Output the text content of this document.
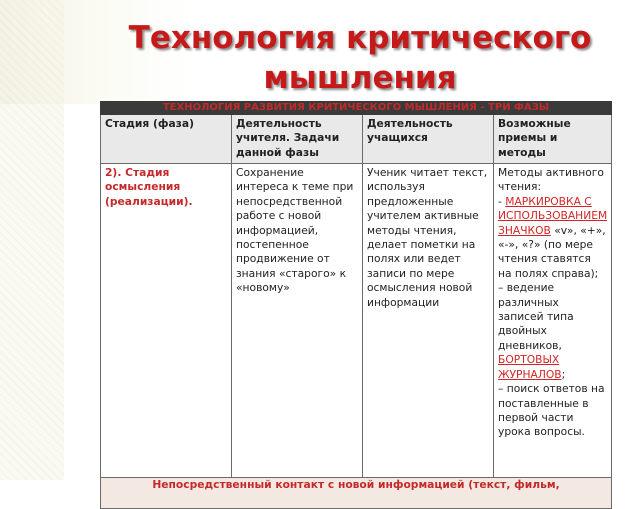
Технология критического мышления
ТЕХНОЛОГИЯ РАЗВИТИЯ КРИТИЧЕСКОГО МЫШЛЕНИЯ - ТРИ ФАЗЫ			
Стадия (фаза)	Деятельность учителя. Задачи данной фазы	Деятельность учащихся	Возможные приемы и методы
2). Стадия осмысления (реализации).	Сохранение интереса к теме при непосредственной работе с новой информацией, постепенное продвижение от знания «старого» к «новому»	Ученик читает текст, используя предложенные учителем активные методы чтения, делает пометки на полях или ведет записи по мере осмысления новой информации	Методы активного чтения:
- МАРКИРОВКА С ИСПОЛЬЗОВАНИЕМ ЗНАЧКОВ «v», «+», «-», «?» (по мере чтения ставятся на полях справа);
– ведение различных записей типа двойных дневников, БОРТОВЫХ ЖУРНАЛОВ;
– поиск ответов на поставленные в первой части урока вопросы.
Непосредственный контакт с новой информацией (текст, фильм,			
